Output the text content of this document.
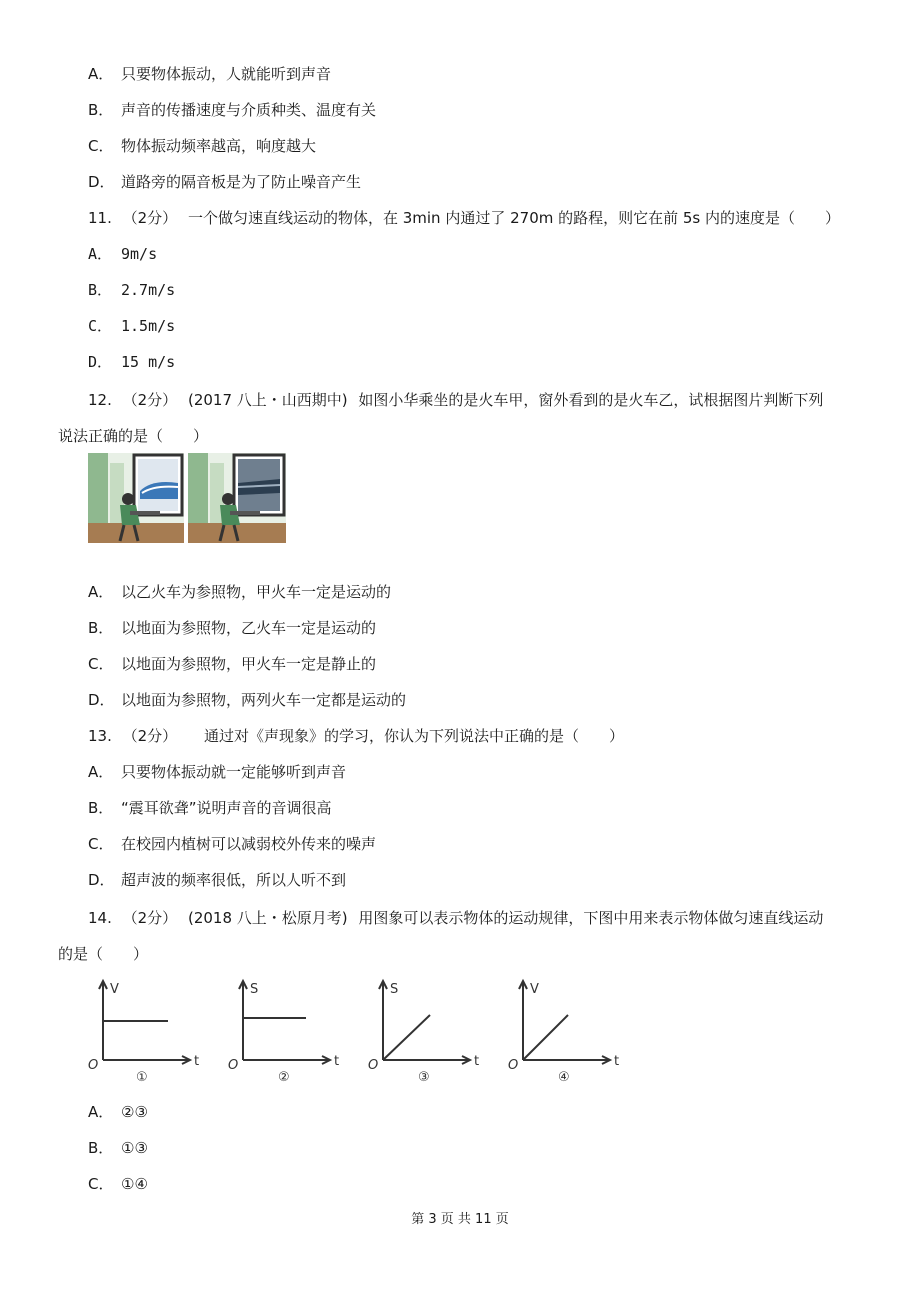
A． 只要物体振动，人就能听到声音
B． 声音的传播速度与介质种类、温度有关
C． 物体振动频率越高，响度越大
D． 道路旁的隔音板是为了防止噪音产生
11. （2分） 一个做匀速直线运动的物体，在 3min 内通过了 270m 的路程，则它在前 5s 内的速度是（　　）
A． 9m/s
B． 2.7m/s
C． 1.5m/s
D． 15 m/s
12. （2分） (2017 八上・山西期中) 如图小华乘坐的是火车甲，窗外看到的是火车乙，试根据图片判断下列
说法正确的是（　　）
A． 以乙火车为参照物，甲火车一定是运动的
B． 以地面为参照物，乙火车一定是运动的
C． 以地面为参照物，甲火车一定是静止的
D． 以地面为参照物，两列火车一定都是运动的
13. （2分） 通过对《声现象》的学习，你认为下列说法中正确的是（　　）
A． 只要物体振动就一定能够听到声音
B． “震耳欲聋”说明声音的音调很高
C． 在校园内植树可以减弱校外传来的噪声
D． 超声波的频率很低，所以人听不到
14. （2分） (2018 八上・松原月考) 用图象可以表示物体的运动规律，下图中用来表示物体做匀速直线运动
的是（　　）
V
t
O
①
S
t
O
②
S
t
O
③
V
t
O
④
A． ②③
B． ①③
C． ①④
第 3 页 共 11 页
